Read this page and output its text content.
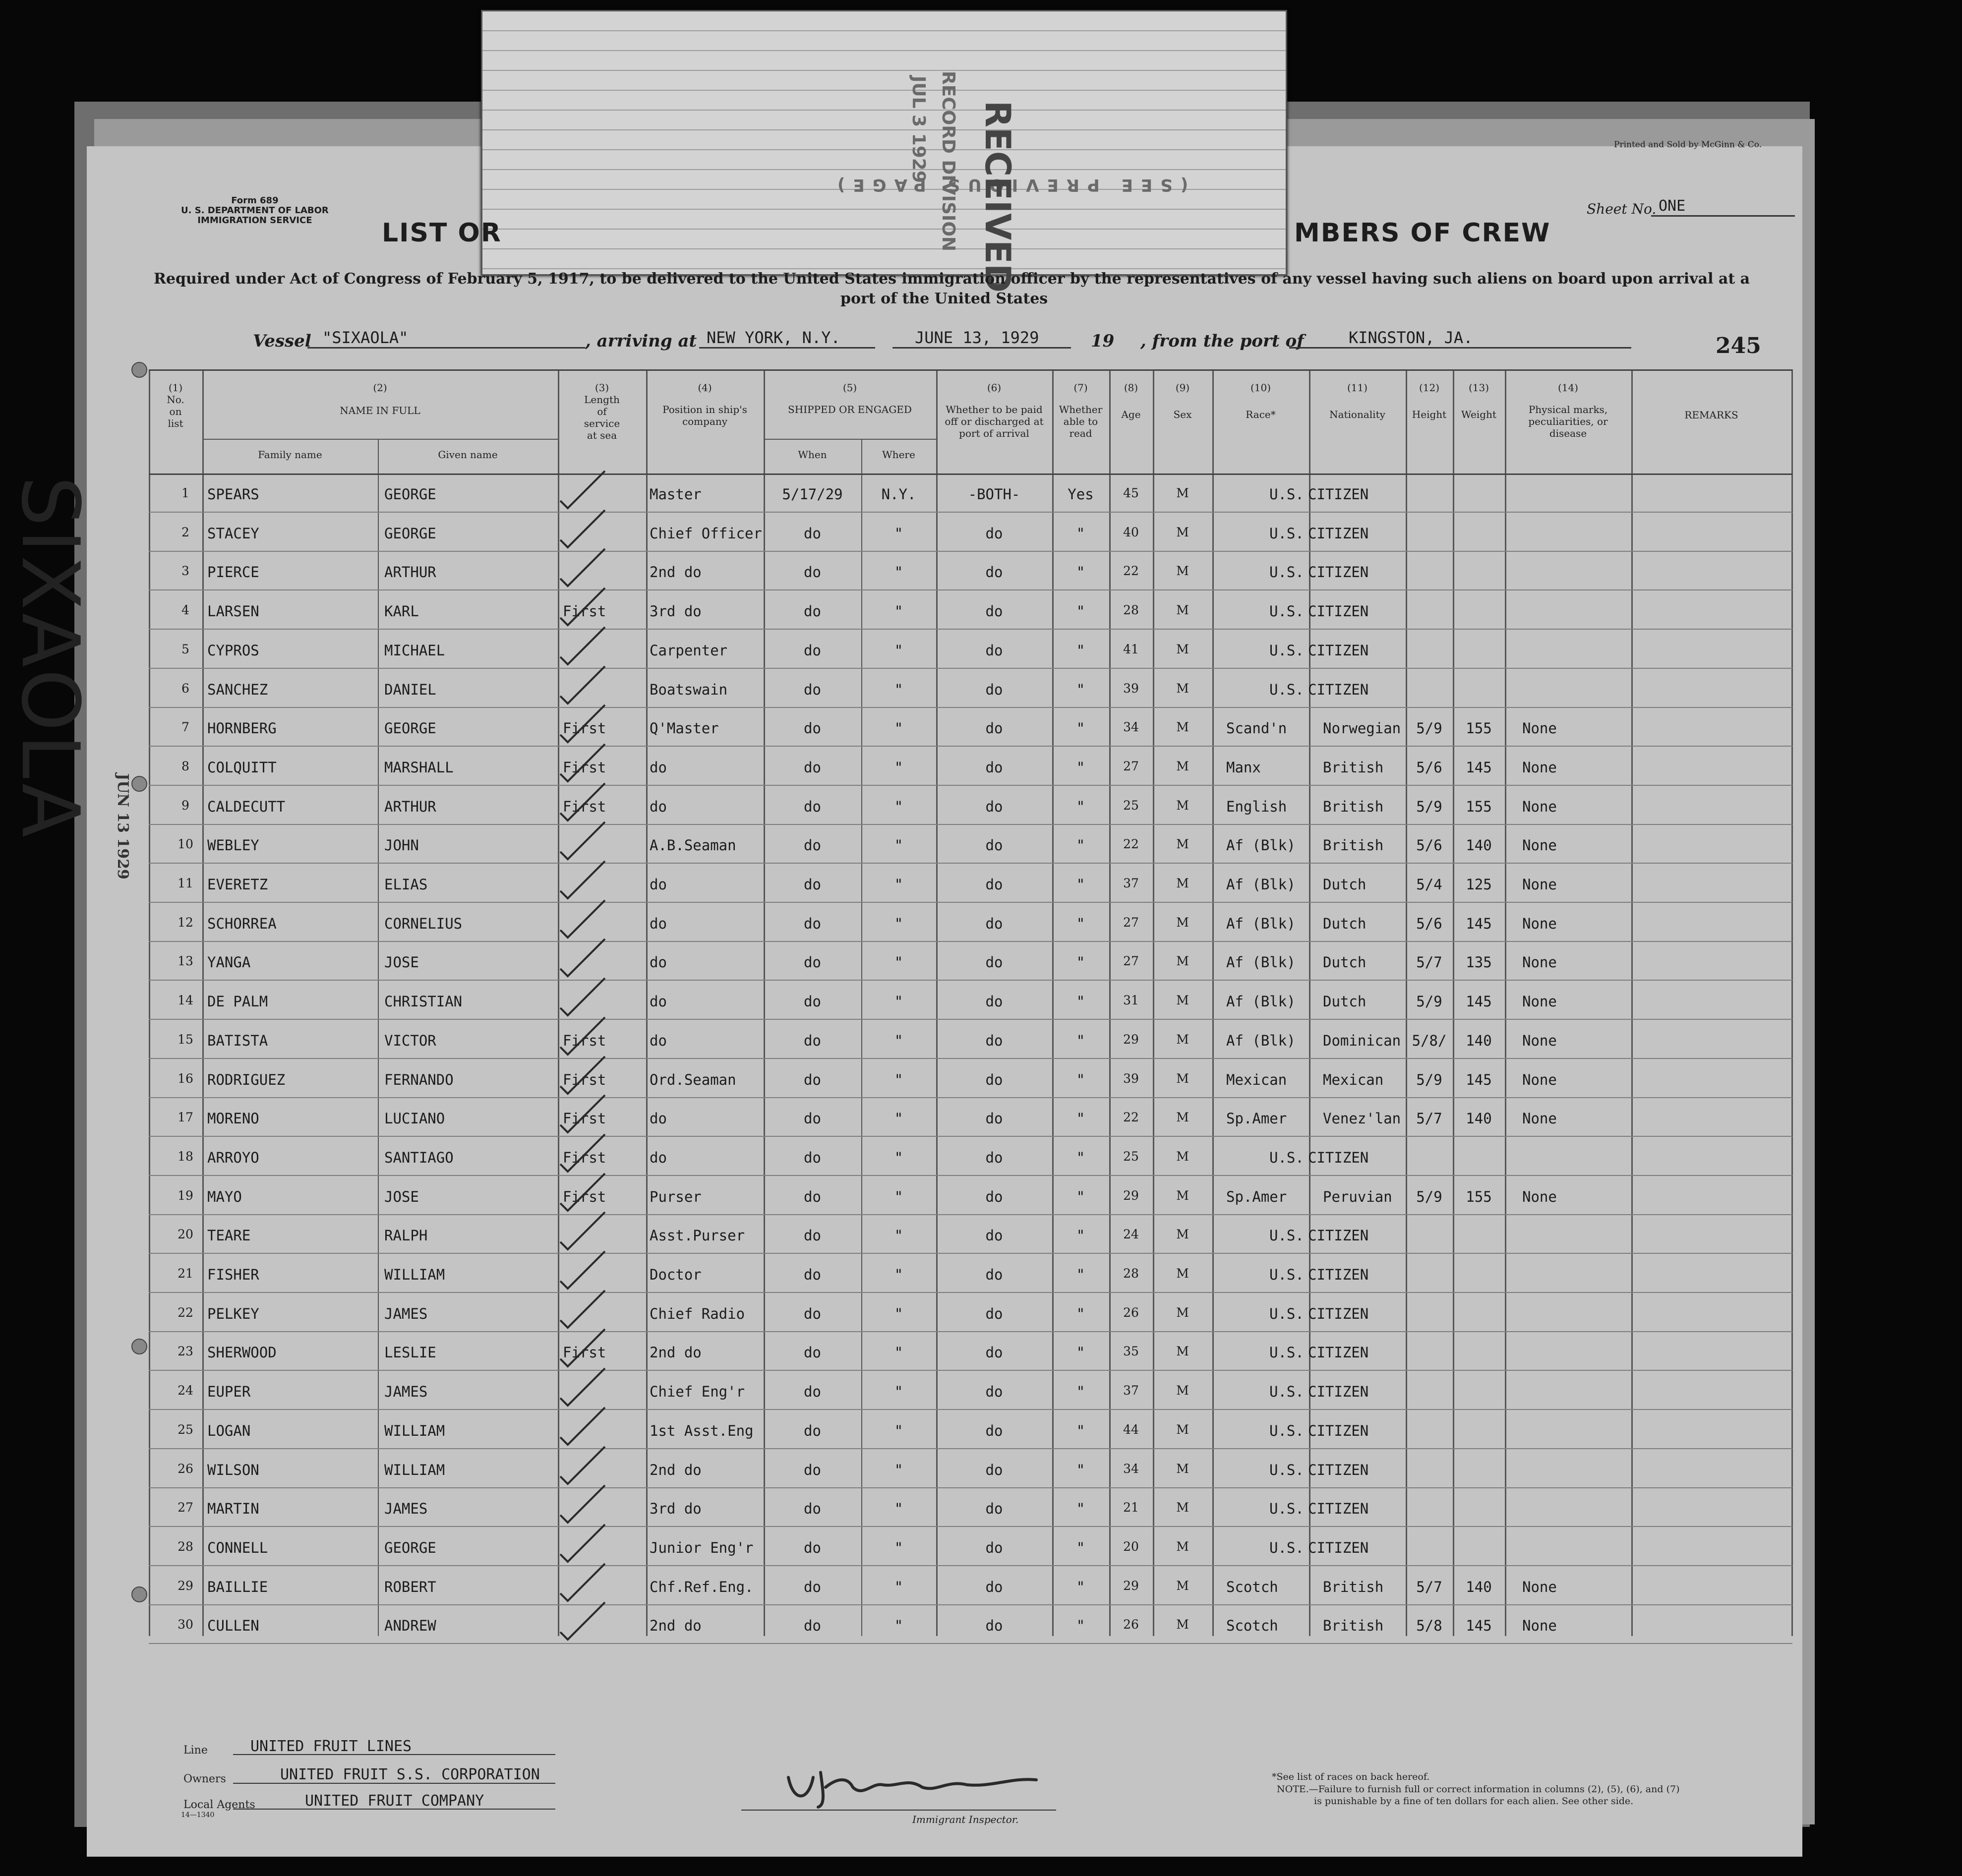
(SEE PREVIOUS PAGE)
RECEIVED
JUL 3 1929 RECORD DIVISION
Form 689
U. S. DEPARTMENT OF LABOR
IMMIGRATION SERVICE
Printed and Sold by McGinn & Co.
Sheet No. ONE
LIST OR	MBERS OF CREW
Required under Act of Congress of February 5, 1917, to be delivered to the United States immigration officer by the representatives of any vessel having such aliens on board upon arrival at a
port of the United States
Vessel "SIXAOLA"	, arriving at NEW YORK, N.Y.	JUNE 13, 1929	19 , from the port of	KINGSTON, JA.	245
(1)
No. on list
(2)
NAME IN FULL
Family name	Given name
(3)
Length of service at sea
(4)
Position in ship's company
(5)
SHIPPED OR ENGAGED
When	Where
(6)
Whether to be paid off or discharged at port of arrival
(7)
Whether able to read
(8)
Age
(9)
Sex
(10)
Race*
(11)
Nationality
(12)
Height
(13)
Weight
(14)
Physical marks, peculiarities, or disease
REMARKS
1	SPEARS	GEORGE	Master	5/17/29	N.Y.	-BOTH-	Yes	45	M	U.S. CITIZEN
2	STACEY	GEORGE	Chief Officer	do	"	do	"	40	M	U.S. CITIZEN
3	PIERCE	ARTHUR	2nd do	do	"	do	"	22	M	U.S. CITIZEN
4	LARSEN	KARL	First	3rd do	do	"	do	"	28	M	U.S. CITIZEN
5	CYPROS	MICHAEL	Carpenter	do	"	do	"	41	M	U.S. CITIZEN
6	SANCHEZ	DANIEL	Boatswain	do	"	do	"	39	M	U.S. CITIZEN
7	HORNBERG	GEORGE	First	Q'Master	do	"	do	"	34	M	Scand'n	Norwegian	5/9	155	None
8	COLQUITT	MARSHALL	First	do	do	"	do	"	27	M	Manx	British	5/6	145	None
9	CALDECUTT	ARTHUR	First	do	do	"	do	"	25	M	English	British	5/9	155	None
10 WEBLEY	JOHN	A.B.Seaman	do	"	do	"	22	M	Af (Blk) British	5/6	140	None
11 EVERETZ	ELIAS	do	do	"	do	"	37	M	Af (Blk) Dutch	5/4	125	None
12 SCHORREA	CORNELIUS	do	do	"	do	"	27	M	Af (Blk) Dutch	5/6	145	None
13 YANGA	JOSE	do	do	"	do	"	27	M	Af (Blk) Dutch	5/7	135	None
14 DE PALM	CHRISTIAN	do	do	"	do	"	31	M	Af (Blk) Dutch	5/9	145	None
15 BATISTA	VICTOR	First	do	do	"	do	"	29	M	Af (Blk) Dominican 5/8/	140	None
16 RODRIGUEZ	FERNANDO	First	Ord.Seaman	do	"	do	"	39	M	Mexican	Mexican	5/9	145	None
17 MORENO	LUCIANO	First	do	do	"	do	"	22	M	Sp.Amer	Venez'lan	5/7	140	None
18 ARROYO	SANTIAGO	First	do	do	"	do	"	25	M	U.S. CITIZEN
19 MAYO	JOSE	First	Purser	do	"	do	"	29	M	Sp.Amer	Peruvian	5/9	155	None
20 TEARE	RALPH	Asst.Purser	do	"	do	"	24	M	U.S. CITIZEN
21 FISHER	WILLIAM	Doctor	do	"	do	"	28	M	U.S. CITIZEN
22 PELKEY	JAMES	Chief Radio	do	"	do	"	26	M	U.S. CITIZEN
23 SHERWOOD	LESLIE	First	2nd do	do	"	do	"	35	M	U.S. CITIZEN
24 EUPER	JAMES	Chief Eng'r	do	"	do	"	37	M	U.S. CITIZEN
25 LOGAN	WILLIAM	1st Asst.Eng	do	"	do	"	44	M	U.S. CITIZEN
26 WILSON	WILLIAM	2nd do	do	"	do	"	34	M	U.S. CITIZEN
27 MARTIN	JAMES	3rd do	do	"	do	"	21	M	U.S. CITIZEN
28 CONNELL	GEORGE	Junior Eng'r	do	"	do	"	20	M	U.S. CITIZEN
29 BAILLIE	ROBERT	Chf.Ref.Eng.	do	"	do	"	29	M	Scotch	British	5/7	140	None
30 CULLEN	ANDREW	2nd do	do	"	do	"	26	M	Scotch	British	5/8	145	None
SIXAOLA JUN 13 1929
Line	UNITED FRUIT LINES
Owners	UNITED FRUIT S.S. CORPORATION
Local Agents	UNITED FRUIT COMPANY
14—1340	Immigrant Inspector.
*See list of races on back hereof.
NOTE.—Failure to furnish full or correct information in columns (2), (5), (6), and (7)
is punishable by a fine of ten dollars for each alien. See other side.
